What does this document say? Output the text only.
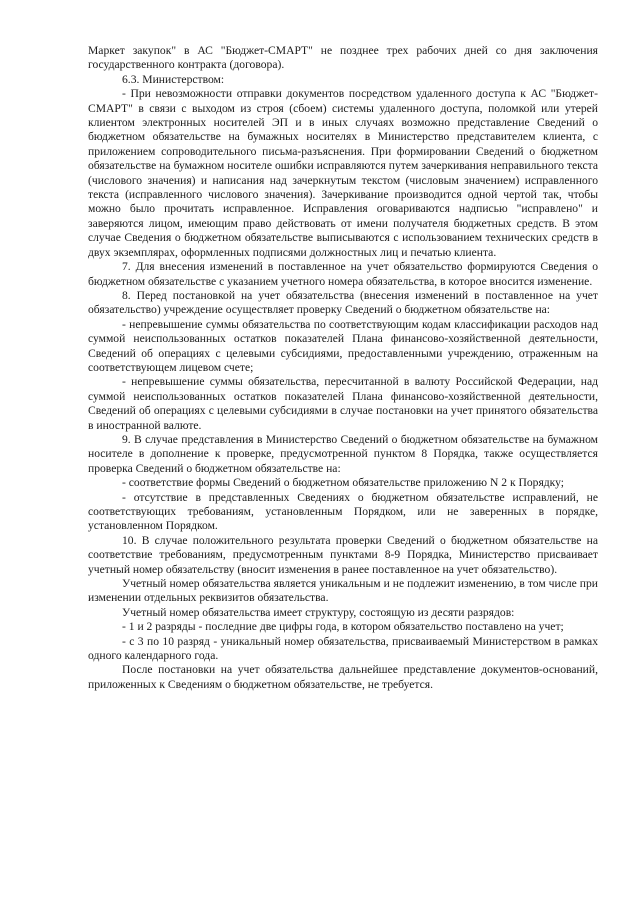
Маркет закупок" в АС "Бюджет-СМАРТ" не позднее трех рабочих дней со дня заключения государственного контракта (договора).

6.3. Министерством:

- При невозможности отправки документов посредством удаленного доступа к АС "Бюджет-СМАРТ" в связи с выходом из строя (сбоем) системы удаленного доступа, поломкой или утерей клиентом электронных носителей ЭП и в иных случаях возможно представление Сведений о бюджетном обязательстве на бумажных носителях в Министерство представителем клиента, с приложением сопроводительного письма-разъяснения. При формировании Сведений о бюджетном обязательстве на бумажном носителе ошибки исправляются путем зачеркивания неправильного текста (числового значения) и написания над зачеркнутым текстом (числовым значением) исправленного текста (исправленного числового значения). Зачеркивание производится одной чертой так, чтобы можно было прочитать исправленное. Исправления оговариваются надписью "исправлено" и заверяются лицом, имеющим право действовать от имени получателя бюджетных средств. В этом случае Сведения о бюджетном обязательстве выписываются с использованием технических средств в двух экземплярах, оформленных подписями должностных лиц и печатью клиента.

7. Для внесения изменений в поставленное на учет обязательство формируются Сведения о бюджетном обязательстве с указанием учетного номера обязательства, в которое вносится изменение.

8. Перед постановкой на учет обязательства (внесения изменений в поставленное на учет обязательство) учреждение осуществляет проверку Сведений о бюджетном обязательстве на:

- непревышение суммы обязательства по соответствующим кодам классификации расходов над суммой неиспользованных остатков показателей Плана финансово-хозяйственной деятельности, Сведений об операциях с целевыми субсидиями, предоставленными учреждению, отраженным на соответствующем лицевом счете;

- непревышение суммы обязательства, пересчитанной в валюту Российской Федерации, над суммой неиспользованных остатков показателей Плана финансово-хозяйственной деятельности, Сведений об операциях с целевыми субсидиями в случае постановки на учет принятого обязательства в иностранной валюте.

9. В случае представления в Министерство Сведений о бюджетном обязательстве на бумажном носителе в дополнение к проверке, предусмотренной пунктом 8 Порядка, также осуществляется проверка Сведений о бюджетном обязательстве на:

- соответствие формы Сведений о бюджетном обязательстве приложению N 2 к Порядку;

- отсутствие в представленных Сведениях о бюджетном обязательстве исправлений, не соответствующих требованиям, установленным Порядком, или не заверенных в порядке, установленном Порядком.

10. В случае положительного результата проверки Сведений о бюджетном обязательстве на соответствие требованиям, предусмотренным пунктами 8-9 Порядка, Министерство присваивает учетный номер обязательству (вносит изменения в ранее поставленное на учет обязательство).

Учетный номер обязательства является уникальным и не подлежит изменению, в том числе при изменении отдельных реквизитов обязательства.

Учетный номер обязательства имеет структуру, состоящую из десяти разрядов:

- 1 и 2 разряды - последние две цифры года, в котором обязательство поставлено на учет;

- с 3 по 10 разряд - уникальный номер обязательства, присваиваемый Министерством в рамках одного календарного года.

После постановки на учет обязательства дальнейшее представление документов-оснований, приложенных к Сведениям о бюджетном обязательстве, не требуется.
